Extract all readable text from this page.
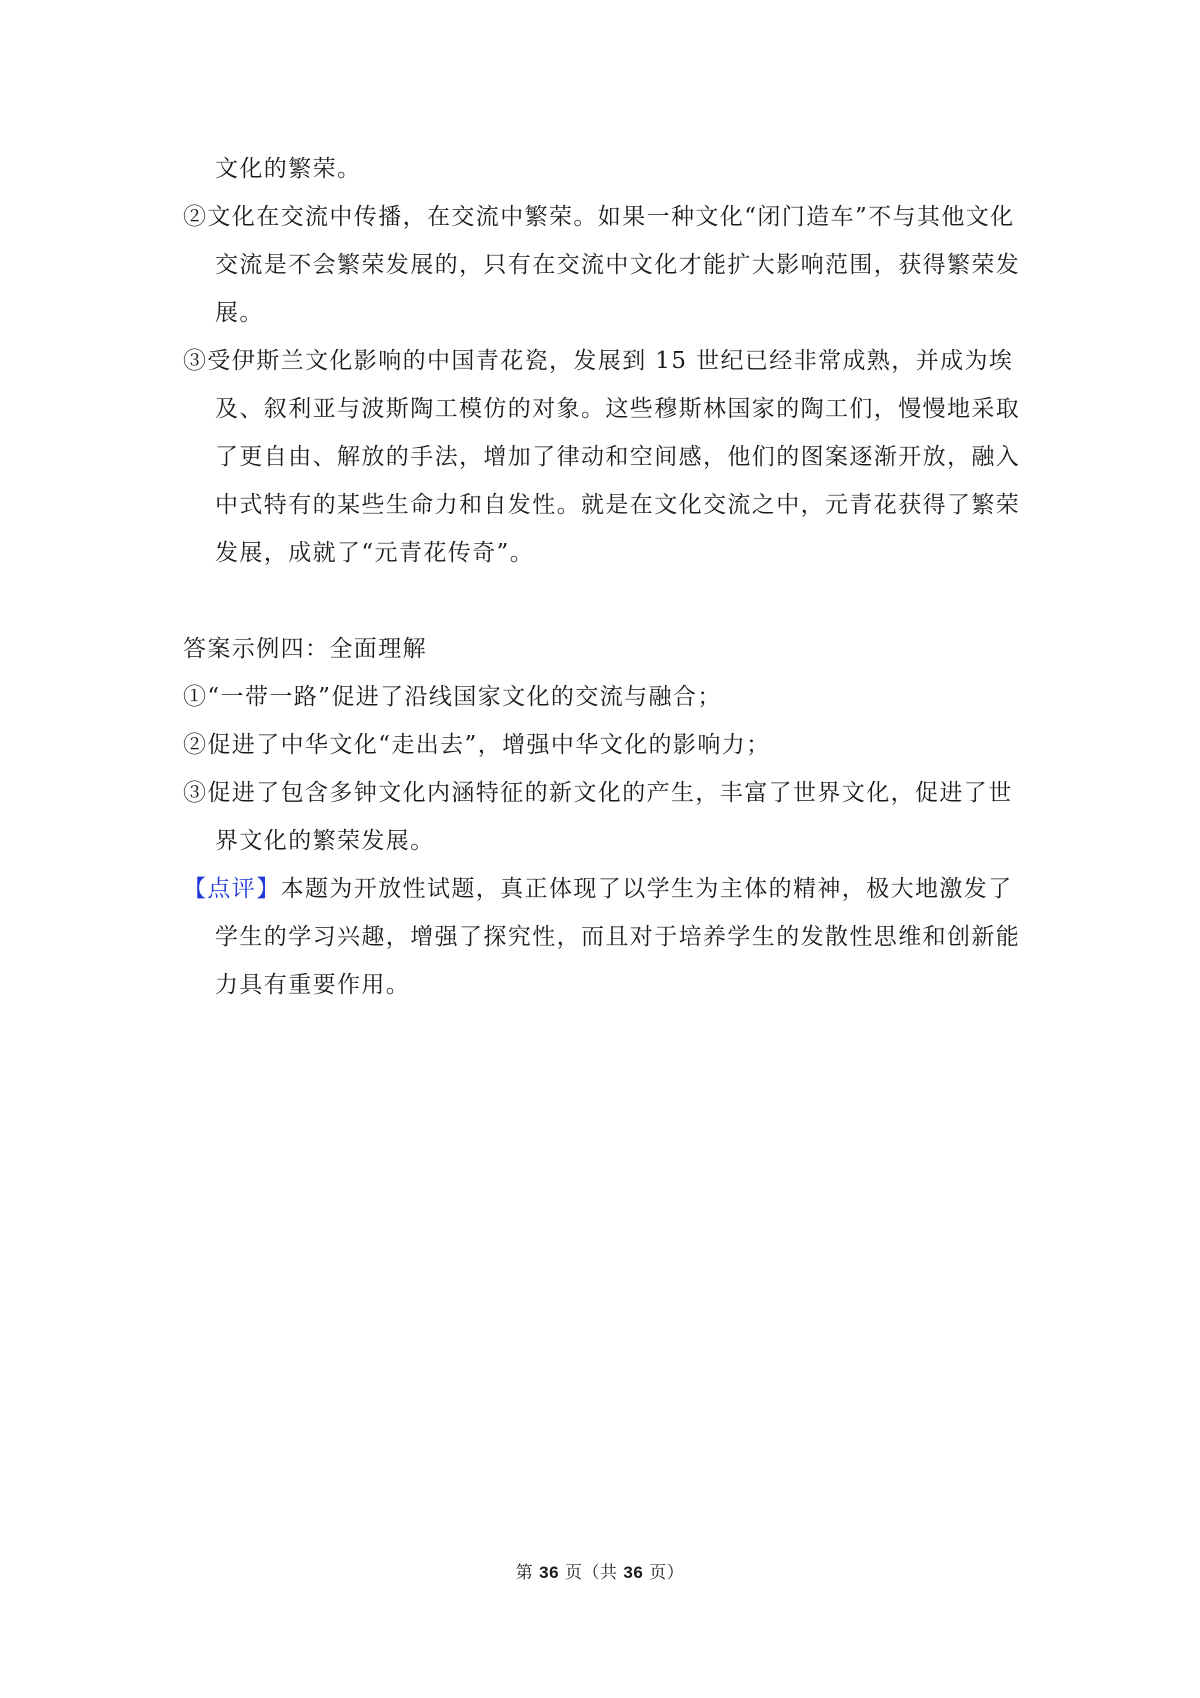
文化的繁荣。

②文化在交流中传播，在交流中繁荣。如果一种文化“闭门造车”不与其他文化交流是不会繁荣发展的，只有在交流中文化才能扩大影响范围，获得繁荣发展。

③受伊斯兰文化影响的中国青花瓷，发展到 15 世纪已经非常成熟，并成为埃及、叙利亚与波斯陶工模仿的对象。这些穆斯林国家的陶工们，慢慢地采取了更自由、解放的手法，增加了律动和空间感，他们的图案逐渐开放，融入中式特有的某些生命力和自发性。就是在文化交流之中，元青花获得了繁荣发展，成就了“元青花传奇”。

答案示例四：全面理解

①“一带一路”促进了沿线国家文化的交流与融合；

②促进了中华文化“走出去”，增强中华文化的影响力；

③促进了包含多钟文化内涵特征的新文化的产生，丰富了世界文化，促进了世界文化的繁荣发展。

【点评】本题为开放性试题，真正体现了以学生为主体的精神，极大地激发了学生的学习兴趣，增强了探究性，而且对于培养学生的发散性思维和创新能力具有重要作用。

第 36 页（共 36 页）
